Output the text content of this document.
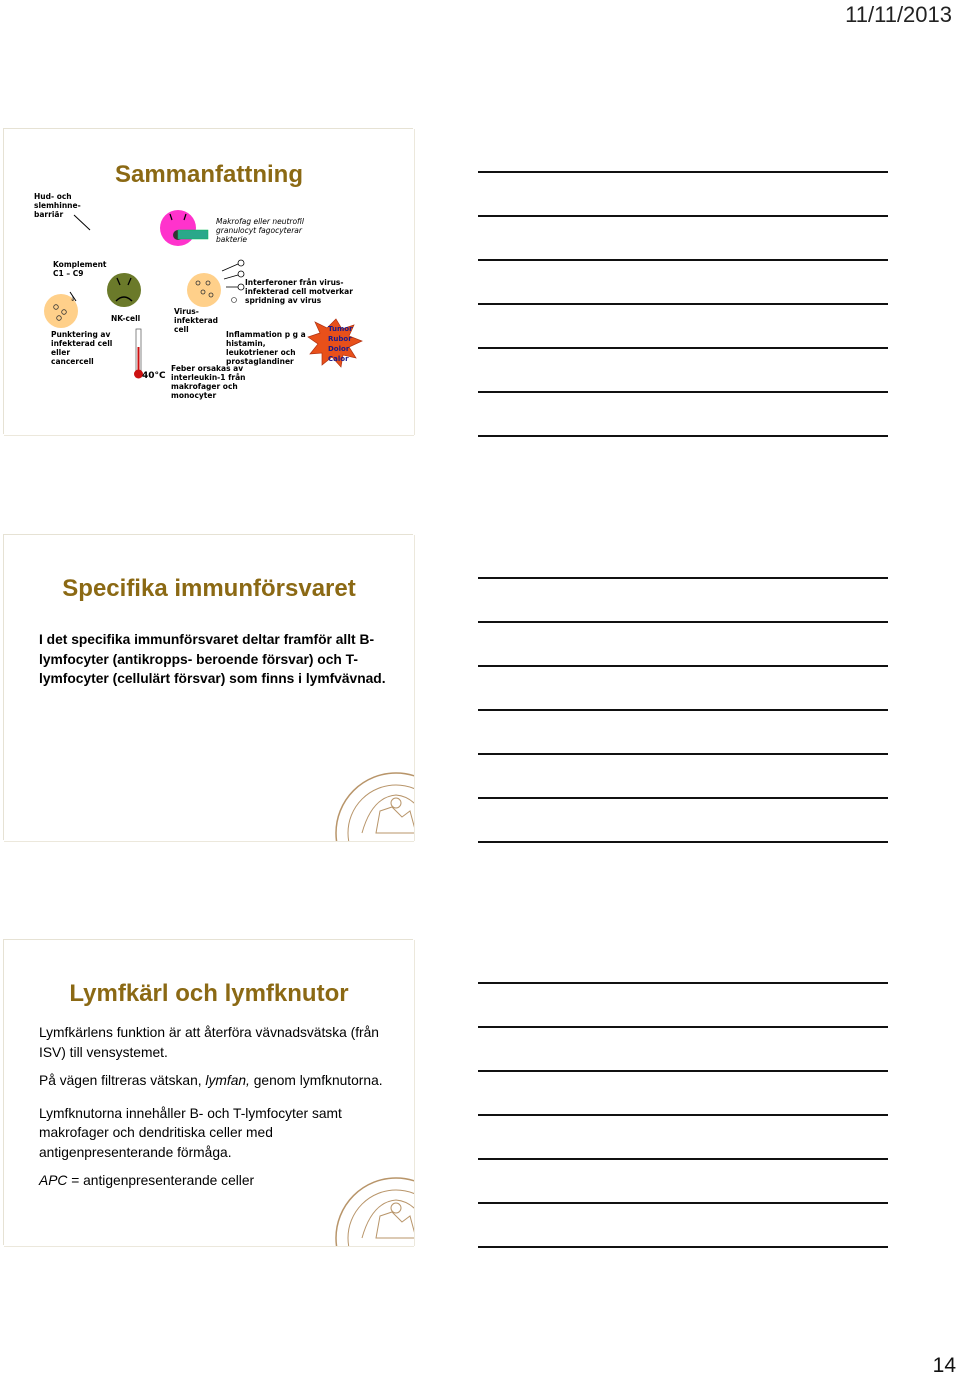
11/11/2013
Sammanfattning
Hud- och slemhinne- barriär
⇓
Makrofag eller neutrofil granulocyt fagocyterar bakterie
Komplement C1 – C9
NK-cell
Virus- infekterad cell
Interferoner från virus- infekterad cell motverkar spridning av virus
Punktering av infekterad cell eller cancercell
Inflammation p g a histamin, leukotriener och prostaglandiner
40°C
Feber orsakas av interleukin-1 från makrofager och monocyter
Tumor
Rubor
Dolor
Calor
Specifika immunförsvaret
I det specifika immunförsvaret deltar framför allt B-lymfocyter (antikropps- beroende försvar) och T-lymfocyter (cellulärt försvar) som finns i lymfvävnad.
Lymfkärl och lymfknutor

Lymfkärlens funktion är att återföra vävnadsvätska (från ISV) till vensystemet.

På vägen filtreras vätskan, lymfan, genom lymfknutorna.

Lymfknutorna innehåller B- och T-lymfocyter samt makrofager och dendritiska celler med antigenpresenterande förmåga.

APC = antigenpresenterande celler

14
